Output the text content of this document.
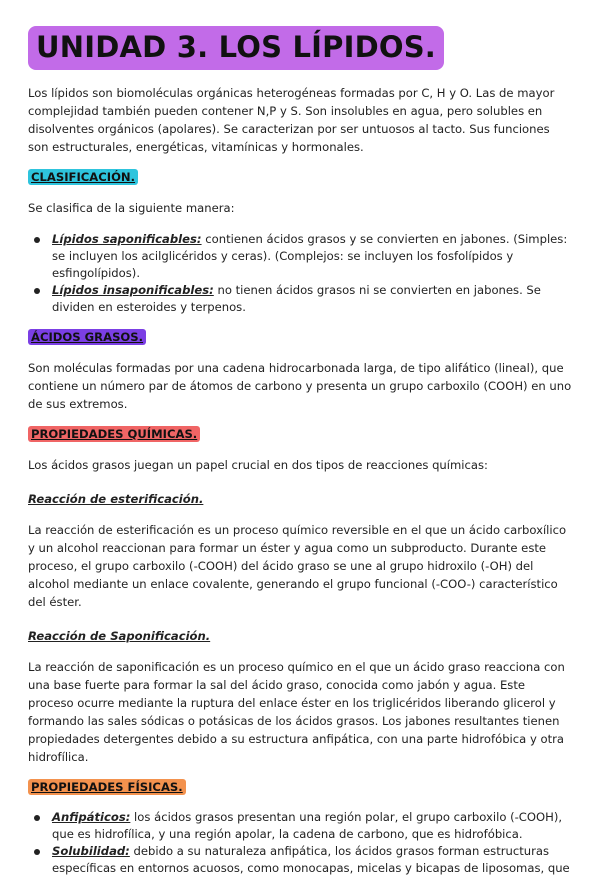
UNIDAD 3. LOS LÍPIDOS.

Los lípidos son biomoléculas orgánicas heterogéneas formadas por C, H y O. Las de mayor complejidad también pueden contener N,P y S. Son insolubles en agua, pero solubles en disolventes orgánicos (apolares). Se caracterizan por ser untuosos al tacto. Sus funciones son estructurales, energéticas, vitamínicas y hormonales.

CLASIFICACIÓN.

Se clasifica de la siguiente manera:

Lípidos saponificables: contienen ácidos grasos y se convierten en jabones. (Simples: se incluyen los acilglicéridos y ceras). (Complejos: se incluyen los fosfolípidos y esfingolípidos).
Lípidos insaponificables: no tienen ácidos grasos ni se convierten en jabones. Se dividen en esteroides y terpenos.
ÁCIDOS GRASOS.

Son moléculas formadas por una cadena hidrocarbonada larga, de tipo alifático (lineal), que contiene un número par de átomos de carbono y presenta un grupo carboxilo (COOH) en uno de sus extremos.

PROPIEDADES QUÍMICAS.

Los ácidos grasos juegan un papel crucial en dos tipos de reacciones químicas:

Reacción de esterificación.

La reacción de esterificación es un proceso químico reversible en el que un ácido carboxílico y un alcohol reaccionan para formar un éster y agua como un subproducto. Durante este proceso, el grupo carboxilo (-COOH) del ácido graso se une al grupo hidroxilo (-OH) del alcohol mediante un enlace covalente, generando el grupo funcional (-COO-) característico del éster.

Reacción de Saponificación.

La reacción de saponificación es un proceso químico en el que un ácido graso reacciona con una base fuerte para formar la sal del ácido graso, conocida como jabón y agua. Este proceso ocurre mediante la ruptura del enlace éster en los triglicéridos liberando glicerol y formando las sales sódicas o potásicas de los ácidos grasos. Los jabones resultantes tienen propiedades detergentes debido a su estructura anfipática, con una parte hidrofóbica y otra hidrofílica.

PROPIEDADES FÍSICAS.
Anfipáticos: los ácidos grasos presentan una región polar, el grupo carboxilo (-COOH), que es hidrofílica, y una región apolar, la cadena de carbono, que es hidrofóbica.
Solubilidad: debido a su naturaleza anfipática, los ácidos grasos forman estructuras específicas en entornos acuosos, como monocapas, micelas y bicapas de liposomas, que
